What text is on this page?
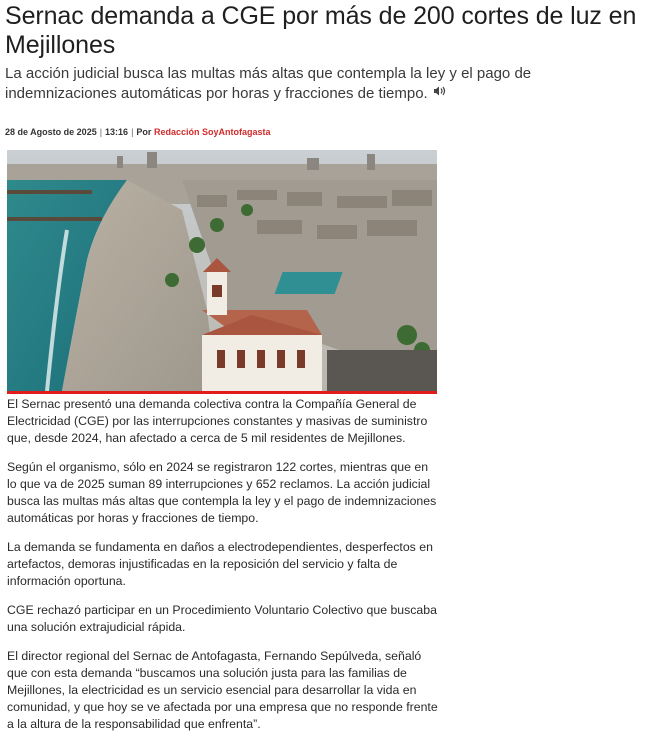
Sernac demanda a CGE por más de 200 cortes de luz en Mejillones
La acción judicial busca las multas más altas que contempla la ley y el pago de indemnizaciones automáticas por horas y fracciones de tiempo.
28 de Agosto de 2025 | 13:16 | Por Redacción SoyAntofagasta

El Sernac presentó una demanda colectiva contra la Compañía General de Electricidad (CGE) por las interrupciones constantes y masivas de suministro que, desde 2024, han afectado a cerca de 5 mil residentes de Mejillones.

Según el organismo, sólo en 2024 se registraron 122 cortes, mientras que en lo que va de 2025 suman 89 interrupciones y 652 reclamos. La acción judicial busca las multas más altas que contempla la ley y el pago de indemnizaciones automáticas por horas y fracciones de tiempo.

La demanda se fundamenta en daños a electrodependientes, desperfectos en artefactos, demoras injustificadas en la reposición del servicio y falta de información oportuna.

CGE rechazó participar en un Procedimiento Voluntario Colectivo que buscaba una solución extrajudicial rápida.

El director regional del Sernac de Antofagasta, Fernando Sepúlveda, señaló que con esta demanda “buscamos una solución justa para las familias de Mejillones, la electricidad es un servicio esencial para desarrollar la vida en comunidad, y que hoy se ve afectada por una empresa que no responde frente a la altura de la responsabilidad que enfrenta”.
